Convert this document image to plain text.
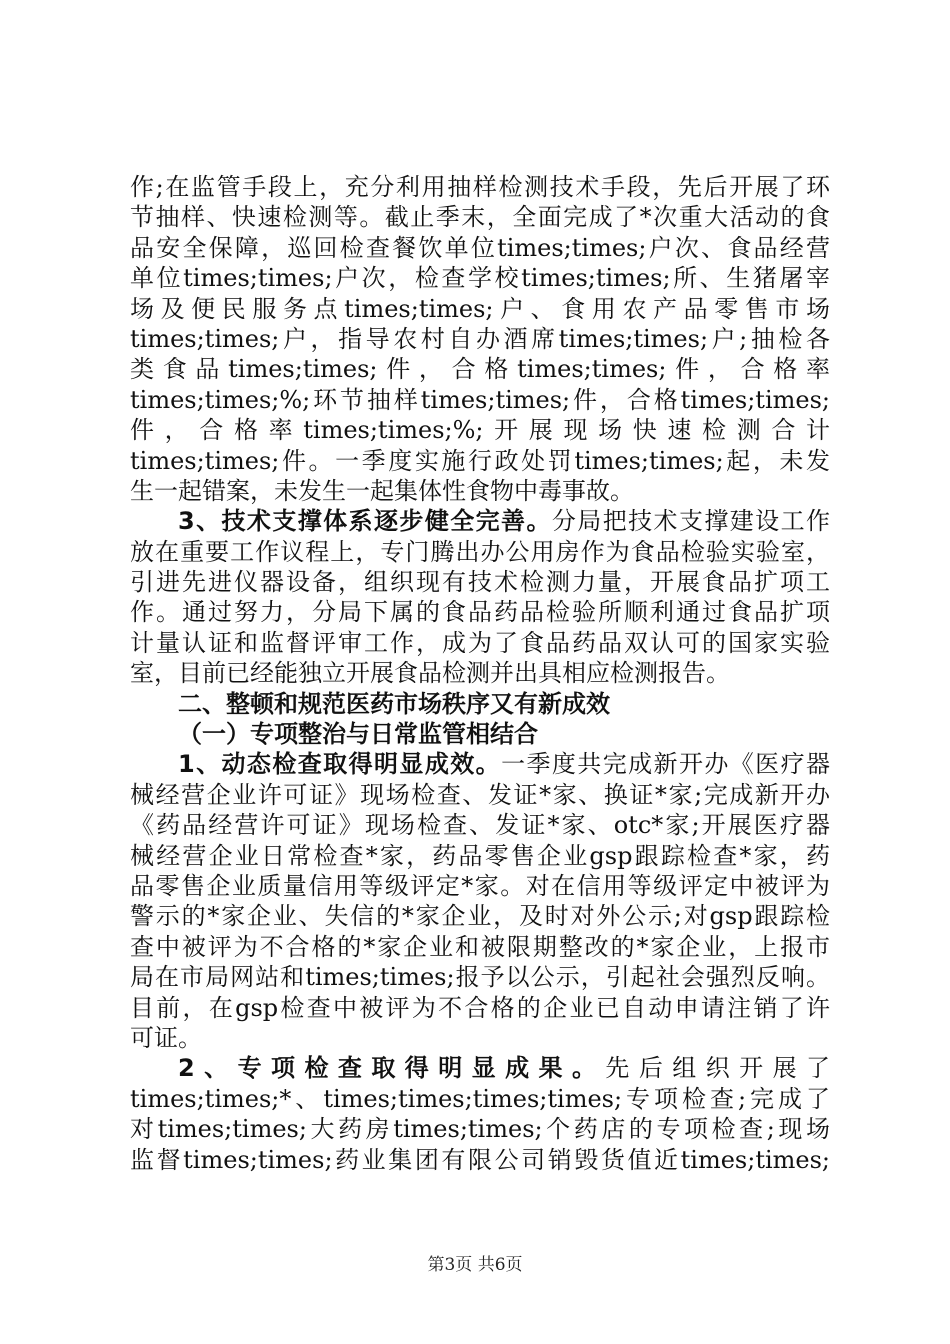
作;在监管手段上，充分利用抽样检测技术手段，先后开展了环
节抽样、快速检测等。截止季末，全面完成了*次重大活动的食
品安全保障，巡回检查餐饮单位times;times;户次、食品经营
单位times;times;户次，检查学校times;times;所、生猪屠宰
场及便民服务点times;times;户、食用农产品零售市场
times;times;户，指导农村自办酒席times;times;户;抽检各
类食品times;times;件，合格times;times;件，合格率
times;times;%;环节抽样times;times;件，合格times;times;
件，合格率times;times;%;开展现场快速检测合计
times;times;件。一季度实施行政处罚times;times;起，未发
生一起错案，未发生一起集体性食物中毒事故。
3、技术支撑体系逐步健全完善。分局把技术支撑建设工作
放在重要工作议程上，专门腾出办公用房作为食品检验实验室，
引进先进仪器设备，组织现有技术检测力量，开展食品扩项工
作。通过努力，分局下属的食品药品检验所顺利通过食品扩项
计量认证和监督评审工作，成为了食品药品双认可的国家实验
室，目前已经能独立开展食品检测并出具相应检测报告。
二、整顿和规范医药市场秩序又有新成效
（一）专项整治与日常监管相结合
1、动态检查取得明显成效。一季度共完成新开办《医疗器
械经营企业许可证》现场检查、发证*家、换证*家;完成新开办
《药品经营许可证》现场检查、发证*家、otc*家;开展医疗器
械经营企业日常检查*家，药品零售企业gsp跟踪检查*家，药
品零售企业质量信用等级评定*家。对在信用等级评定中被评为
警示的*家企业、失信的*家企业，及时对外公示;对gsp跟踪检
查中被评为不合格的*家企业和被限期整改的*家企业，上报市
局在市局网站和times;times;报予以公示，引起社会强烈反响。
目前，在gsp检查中被评为不合格的企业已自动申请注销了许
可证。
2、专项检查取得明显成果。先后组织开展了
times;times;*、times;times;times;times;专项检查;完成了
对times;times;大药房times;times;个药店的专项检查;现场
监督times;times;药业集团有限公司销毁货值近times;times;
第3页 共6页
